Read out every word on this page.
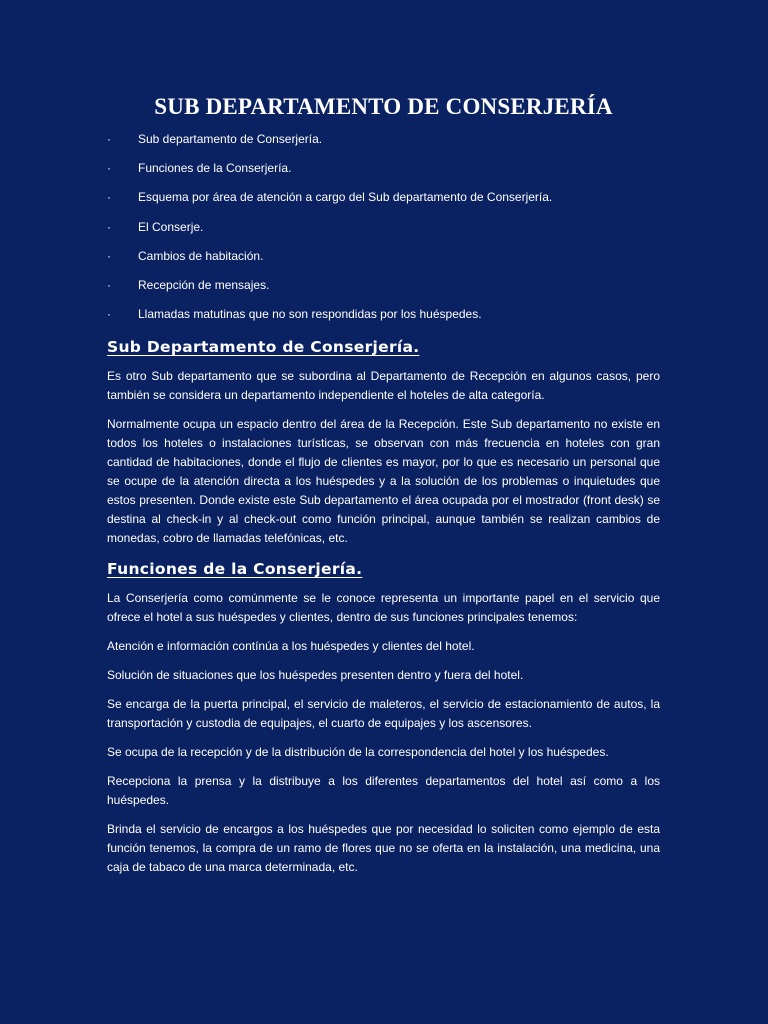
SUB DEPARTAMENTO DE CONSERJERÍA
· Sub departamento de Conserjería.
· Funciones de la Conserjería.
· Esquema por área de atención a cargo del Sub departamento de Conserjería.
· El Conserje.
· Cambios de habitación.
· Recepción de mensajes.
· Llamadas matutinas que no son respondidas por los huéspedes.
Sub Departamento de Conserjería.

Es otro Sub departamento que se subordina al Departamento de Recepción en algunos casos, pero también se considera un departamento independiente el hoteles de alta categoría.

Normalmente ocupa un espacio dentro del área de la Recepción. Este Sub departamento no existe en todos los hoteles o instalaciones turísticas, se observan con más frecuencia en hoteles con gran cantidad de habitaciones, donde el flujo de clientes es mayor, por lo que es necesario un personal que se ocupe de la atención directa a los huéspedes y a la solución de los problemas o inquietudes que estos presenten. Donde existe este Sub departamento el área ocupada por el mostrador (front desk) se destina al check-in y al check-out como función principal, aunque también se realizan cambios de monedas, cobro de llamadas telefónicas, etc.

Funciones de la Conserjería.

La Conserjería como comúnmente se le conoce representa un importante papel en el servicio que ofrece el hotel a sus huéspedes y clientes, dentro de sus funciones principales tenemos:

Atención e información contínúa a los huéspedes y clientes del hotel.

Solución de situaciones que los huéspedes presenten dentro y fuera del hotel.

Se encarga de la puerta principal, el servicio de maleteros, el servicio de estacionamiento de autos, la transportación y custodia de equipajes, el cuarto de equipajes y los ascensores.

Se ocupa de la recepción y de la distribución de la correspondencia del hotel y los huéspedes.

Recepciona la prensa y la distribuye a los diferentes departamentos del hotel así como a los huéspedes.

Brinda el servicio de encargos a los huéspedes que por necesidad lo soliciten como ejemplo de esta función tenemos, la compra de un ramo de flores que no se oferta en la instalación, una medicina, una caja de tabaco de una marca determinada, etc.
